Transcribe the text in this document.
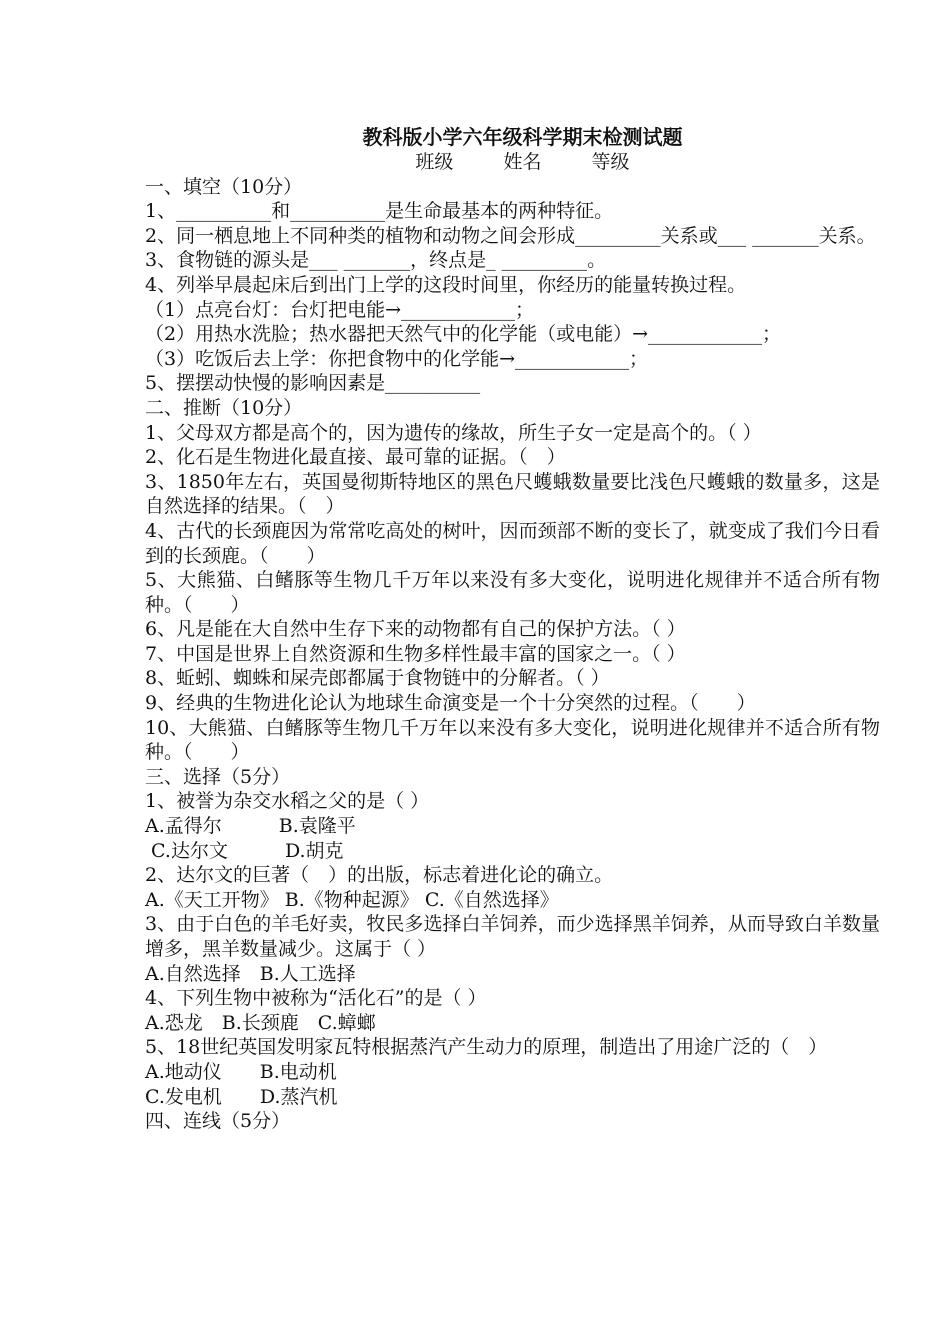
教科版小学六年级科学期末检测试题
班级	姓名	等级
一、填空（10分）
1、__________和__________是生命最基本的两种特征。
2、同一栖息地上不同种类的植物和动物之间会形成_________关系或___ _______关系。
3、食物链的源头是___ _______，终点是_ _________。
4、列举早晨起床后到出门上学的这段时间里，你经历的能量转换过程。
（1）点亮台灯：台灯把电能→____________；
（2）用热水洗脸；热水器把天然气中的化学能（或电能）→____________；
（3）吃饭后去上学：你把食物中的化学能→____________；
5、摆摆动快慢的影响因素是__________
二、推断（10分）
1、父母双方都是高个的，因为遗传的缘故，所生子女一定是高个的。（ ）
2、化石是生物进化最直接、最可靠的证据。（　）
3、1850年左右，英国曼彻斯特地区的黑色尺蠖蛾数量要比浅色尺蠖蛾的数量多，这是自然选择的结果。（　）
4、古代的长颈鹿因为常常吃高处的树叶，因而颈部不断的变长了，就变成了我们今日看到的长颈鹿。（　　）
5、大熊猫、白鳍豚等生物几千万年以来没有多大变化，说明进化规律并不适合所有物种。（　　）
6、凡是能在大自然中生存下来的动物都有自己的保护方法。（ ）
7、中国是世界上自然资源和生物多样性最丰富的国家之一。（ ）
8、蚯蚓、蜘蛛和屎壳郎都属于食物链中的分解者。（ ）
9、经典的生物进化论认为地球生命演变是一个十分突然的过程。（　　）
10、大熊猫、白鳍豚等生物几千万年以来没有多大变化，说明进化规律并不适合所有物种。（　　）
三、选择（5分）
1、被誉为杂交水稻之父的是（ ）
A.孟得尔　　　B.袁隆平
C.达尔文　　　D.胡克
2、达尔文的巨著（　）的出版，标志着进化论的确立。
A.《天工开物》 B.《物种起源》 C.《自然选择》
3、由于白色的羊毛好卖，牧民多选择白羊饲养，而少选择黑羊饲养，从而导致白羊数量增多，黑羊数量减少。这属于（ ）
A.自然选择　B.人工选择
4、下列生物中被称为“活化石”的是（ ）
A.恐龙　B.长颈鹿　C.蟑螂
5、18世纪英国发明家瓦特根据蒸汽产生动力的原理，制造出了用途广泛的（　）
A.地动仪　　B.电动机
C.发电机　　D.蒸汽机
四、连线（5分）
